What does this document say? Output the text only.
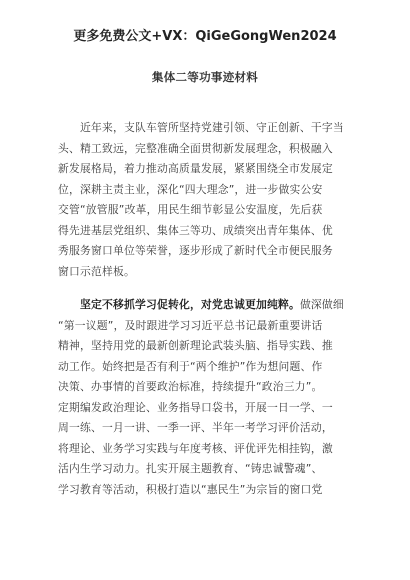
更多免费公文+VX：QiGeGongWen2024
集体二等功事迹材料
近年来，支队车管所坚持党建引领、守正创新、干字当
头、精工致远，完整准确全面贯彻新发展理念，积极融入
新发展格局，着力推动高质量发展，紧紧围绕全市发展定
位，深耕主责主业，深化“四大理念”，进一步做实公安
交管“放管服”改革，用民生细节彰显公安温度，先后获
得先进基层党组织、集体三等功、成绩突出青年集体、优
秀服务窗口单位等荣誉，逐步形成了新时代全市便民服务
窗口示范样板。
坚定不移抓学习促转化，对党忠诚更加纯粹。做深做细
“第一议题”，及时跟进学习习近平总书记最新重要讲话
精神，坚持用党的最新创新理论武装头脑、指导实践、推
动工作。始终把是否有利于“两个维护”作为想问题、作
决策、办事情的首要政治标准，持续提升“政治三力”。
定期编发政治理论、业务指导口袋书，开展一日一学、一
周一练、一月一讲、一季一评、半年一考学习评价活动，
将理论、业务学习实践与年度考核、评优评先相挂钩，激
活内生学习动力。扎实开展主题教育、“铸忠诚警魂”、
学习教育等活动，积极打造以“惠民生”为宗旨的窗口党
